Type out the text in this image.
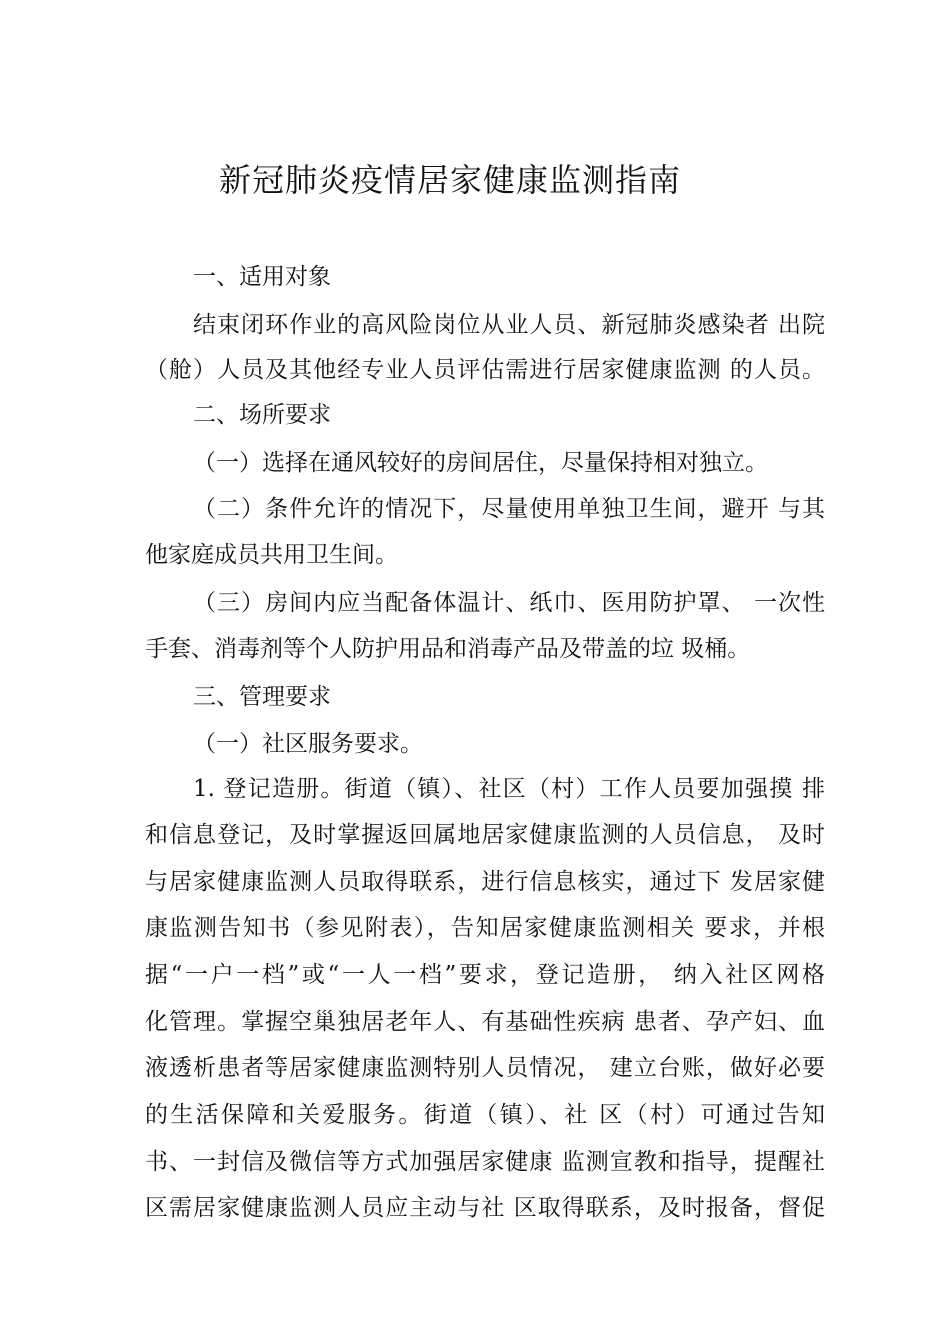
新冠肺炎疫情居家健康监测指南
一、适用对象
结束闭环作业的高风险岗位从业人员、新冠肺炎感染者 出院
（舱）人员及其他经专业人员评估需进行居家健康监测 的人员。
二、场所要求
（一）选择在通风较好的房间居住，尽量保持相对独立。
（二）条件允许的情况下，尽量使用单独卫生间，避开 与其
他家庭成员共用卫生间。
（三）房间内应当配备体温计、纸巾、医用防护罩、 一次性
手套、消毒剂等个人防护用品和消毒产品及带盖的垃 圾桶。
三、管理要求
（一）社区服务要求。
1. 登记造册。街道（镇）、社区（村）工作人员要加强摸 排
和信息登记，及时掌握返回属地居家健康监测的人员信息， 及时
与居家健康监测人员取得联系，进行信息核实，通过下 发居家健
康监测告知书（参见附表），告知居家健康监测相关 要求，并根
据“一户一档”或“一人一档”要求，登记造册， 纳入社区网格
化管理。掌握空巢独居老年人、有基础性疾病 患者、孕产妇、血
液透析患者等居家健康监测特别人员情况， 建立台账，做好必要
的生活保障和关爱服务。街道（镇）、社 区（村）可通过告知
书、一封信及微信等方式加强居家健康 监测宣教和指导，提醒社
区需居家健康监测人员应主动与社 区取得联系，及时报备，督促
